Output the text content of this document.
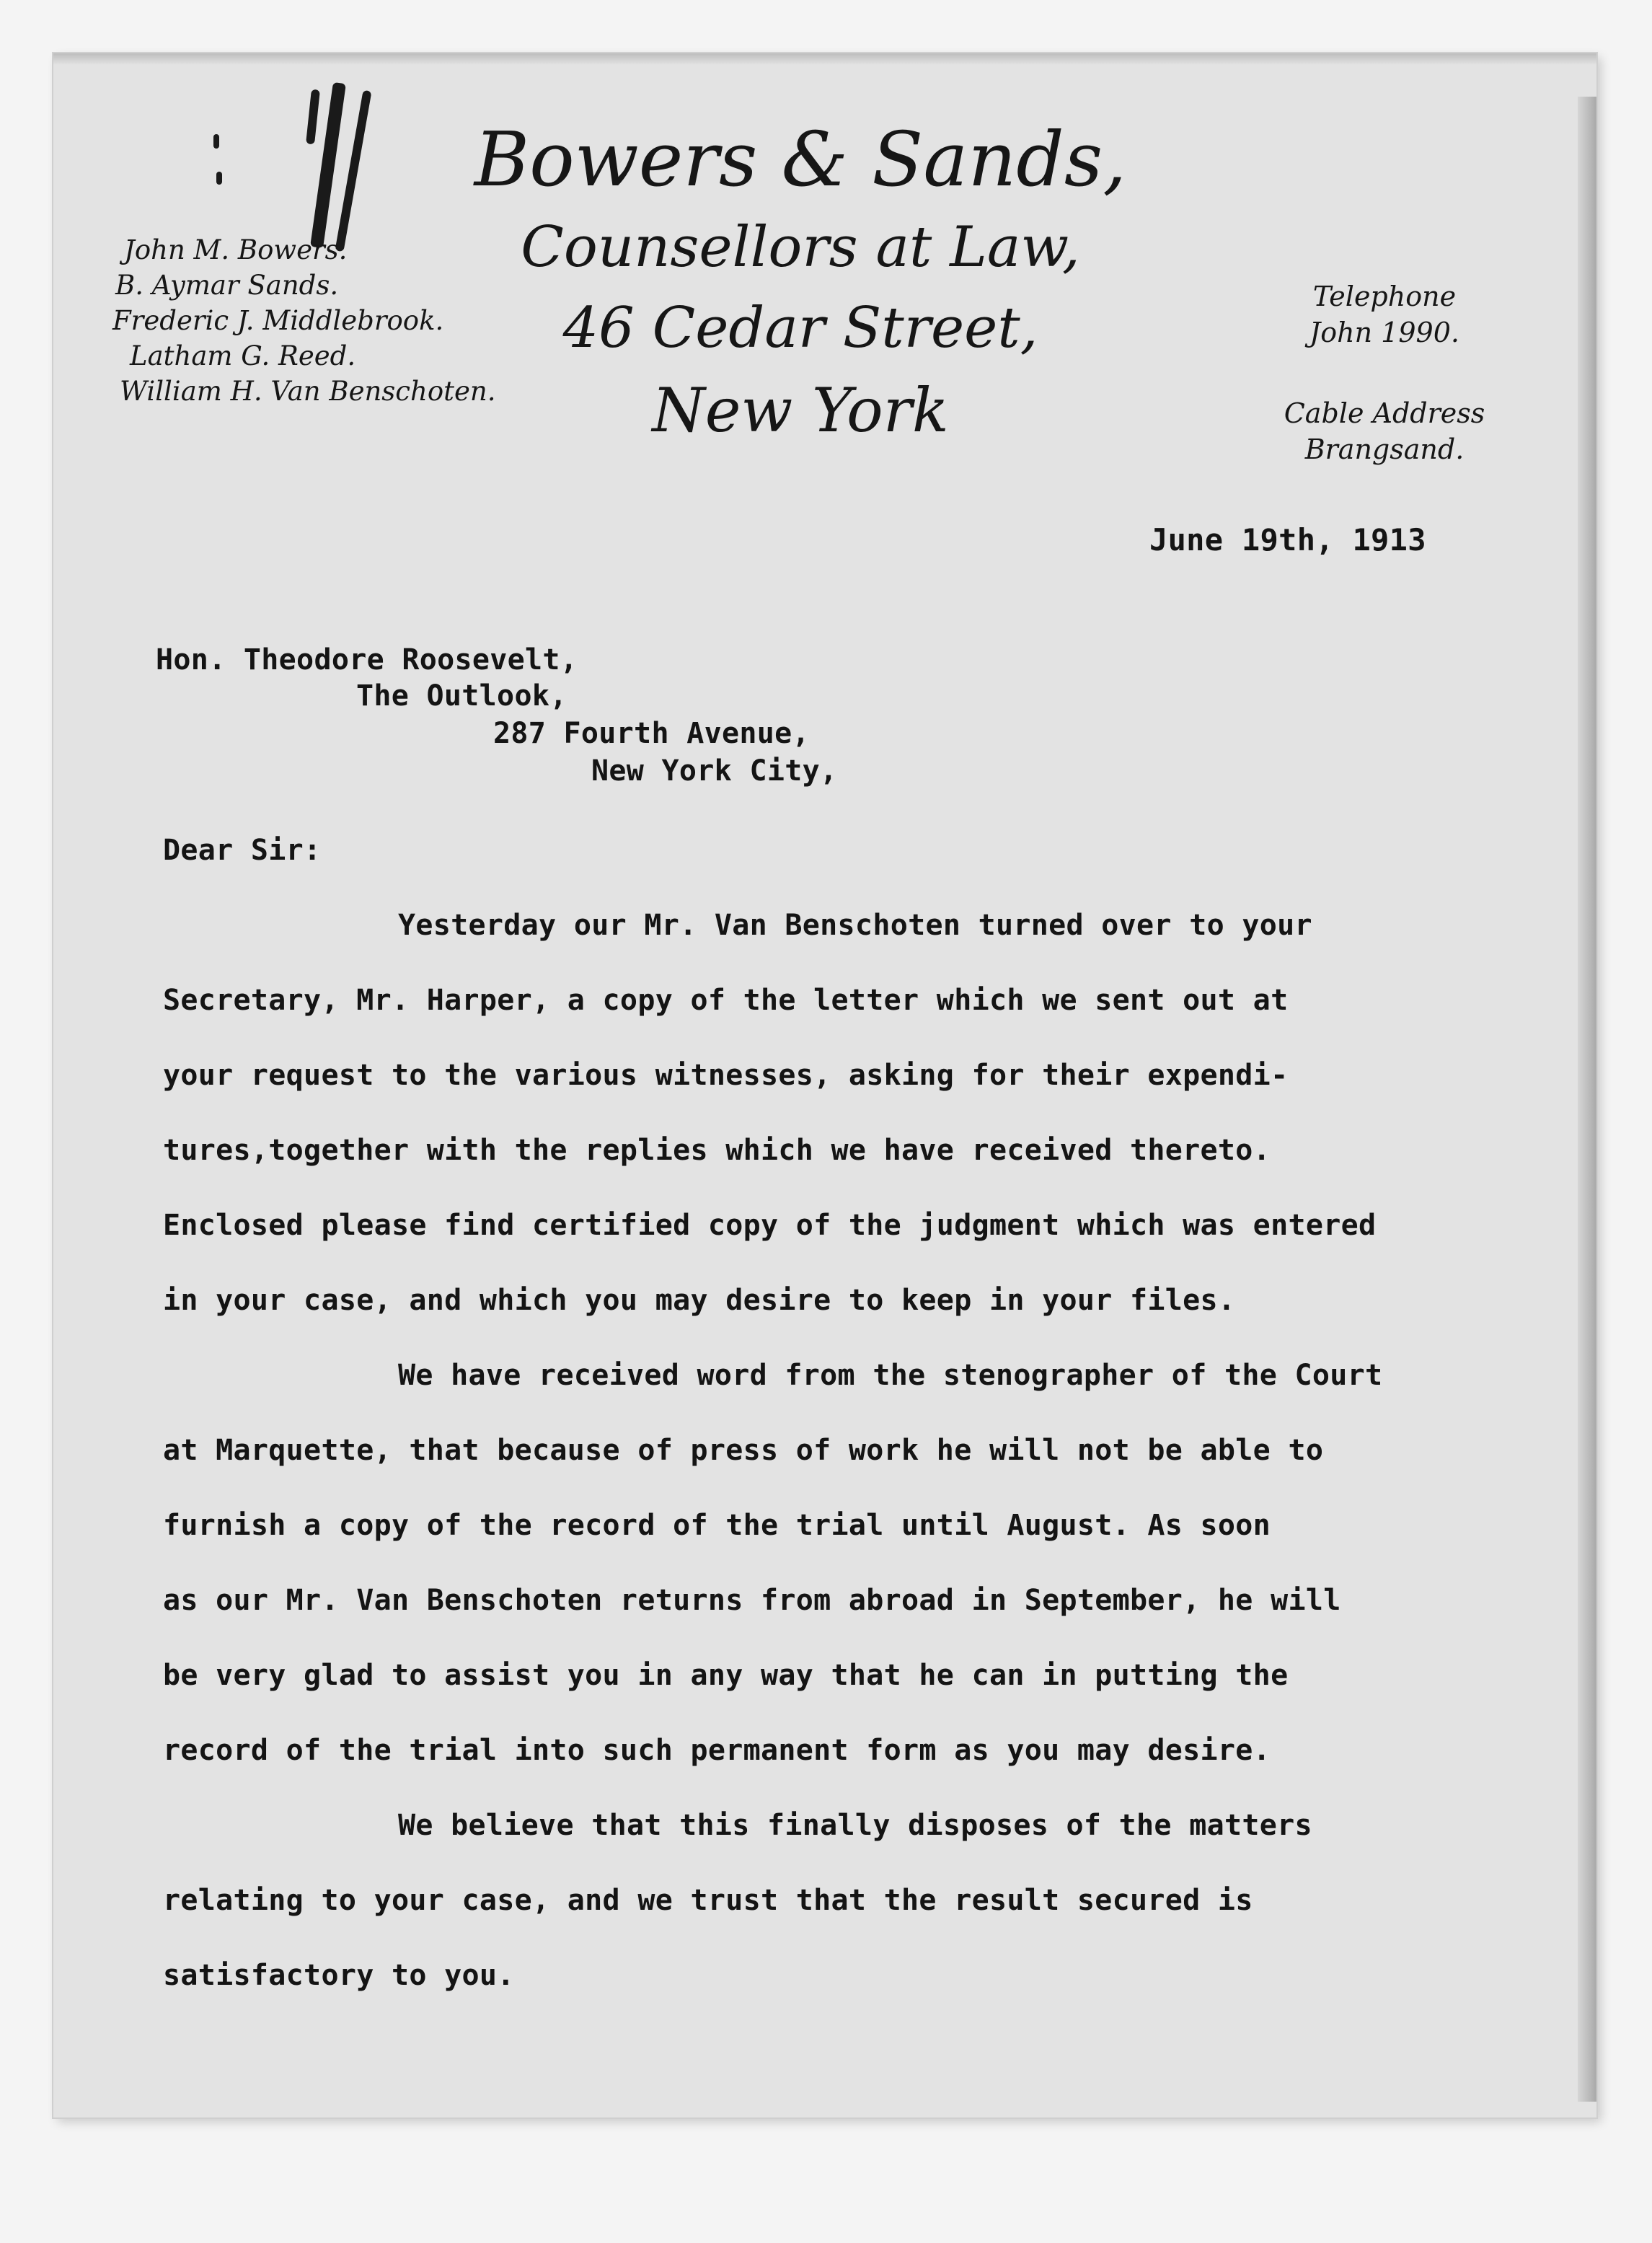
Bowers & Sands,
Counsellors at Law,
46 Cedar Street,
New York
John M. Bowers.
B. Aymar Sands.
Frederic J. Middlebrook.
Latham G. Reed.
William H. Van Benschoten.
Telephone
John 1990.
Cable Address
Brangsand.
June 19th, 1913
Hon. Theodore Roosevelt,
The Outlook,
287 Fourth Avenue,
New York City,
Dear Sir:
Yesterday our Mr. Van Benschoten turned over to your
Secretary, Mr. Harper, a copy of the letter which we sent out at
your request to the various witnesses, asking for their expendi-
tures,together with the replies which we have received thereto.
Enclosed please find certified copy of the judgment which was entered
in your case, and which you may desire to keep in your files.
We have received word from the stenographer of the Court
at Marquette, that because of press of work he will not be able to
furnish a copy of the record of the trial until August. As soon
as our Mr. Van Benschoten returns from abroad in September, he will
be very glad to assist you in any way that he can in putting the
record of the trial into such permanent form as you may desire.
We believe that this finally disposes of the matters
relating to your case, and we trust that the result secured is
satisfactory to you.
